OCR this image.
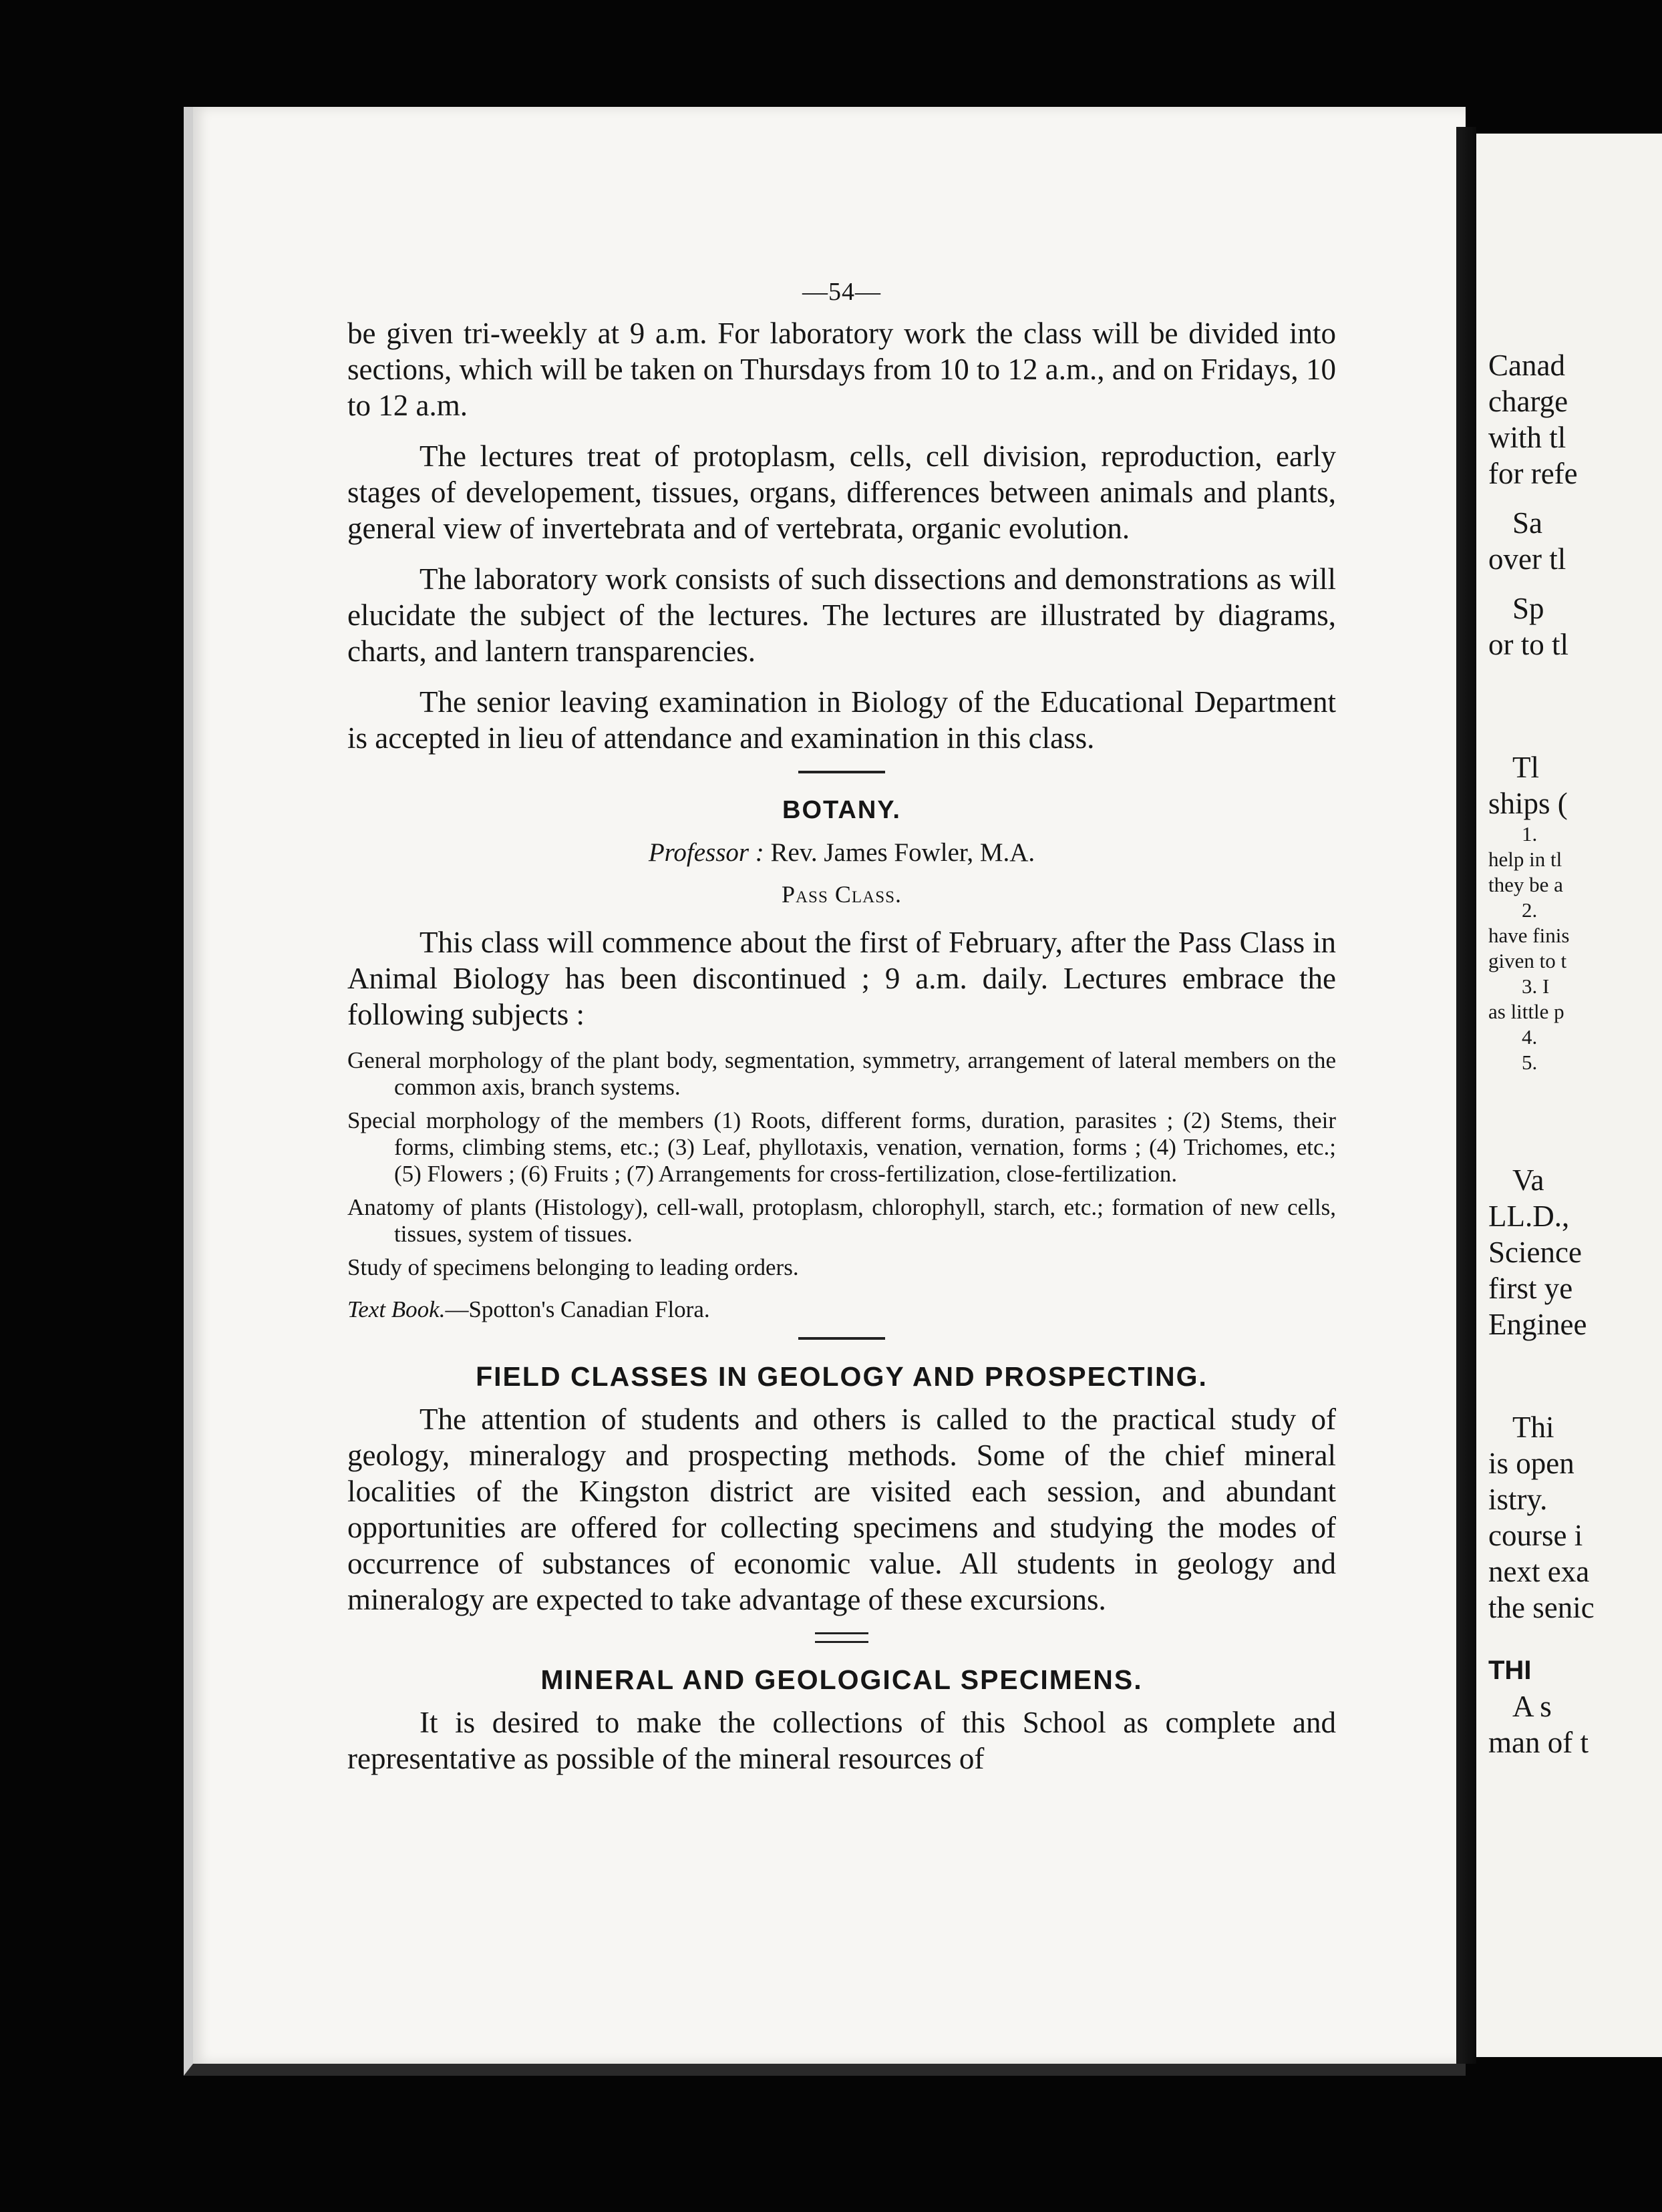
—54—

be given tri-weekly at 9 a.m. For laboratory work the class will be divided into sections, which will be taken on Thursdays from 10 to 12 a.m., and on Fridays, 10 to 12 a.m.

The lectures treat of protoplasm, cells, cell division, reproduction, early stages of developement, tissues, organs, differences between animals and plants, general view of invertebrata and of vertebrata, organic evolution.

The laboratory work consists of such dissections and demonstrations as will elucidate the subject of the lectures. The lectures are illustrated by diagrams, charts, and lantern transparencies.

The senior leaving examination in Biology of the Educational Department is accepted in lieu of attendance and examination in this class.

BOTANY.
Professor : Rev. James Fowler, M.A.
Pass Class.

This class will commence about the first of February, after the Pass Class in Animal Biology has been discontinued ; 9 a.m. daily. Lectures embrace the following subjects :

General morphology of the plant body, segmentation, symmetry, arrangement of lateral members on the common axis, branch systems.
Special morphology of the members (1) Roots, different forms, duration, parasites ; (2) Stems, their forms, climbing stems, etc.; (3) Leaf, phyllotaxis, venation, vernation, forms ; (4) Trichomes, etc.; (5) Flowers ; (6) Fruits ; (7) Arrangements for cross-fertilization, close-fertilization.
Anatomy of plants (Histology), cell-wall, protoplasm, chlorophyll, starch, etc.; formation of new cells, tissues, system of tissues.
Study of specimens belonging to leading orders.
Text Book.—Spotton's Canadian Flora.
FIELD CLASSES IN GEOLOGY AND PROSPECTING.

The attention of students and others is called to the practical study of geology, mineralogy and prospecting methods. Some of the chief mineral localities of the Kingston district are visited each session, and abundant opportunities are offered for collecting specimens and studying the modes of occurrence of substances of economic value. All students in geology and mineralogy are expected to take advantage of these excursions.

MINERAL AND GEOLOGICAL SPECIMENS.

It is desired to make the collections of this School as complete and representative as possible of the mineral resources of

Canad
charge
with tl
for refe
Sa
over tl
Sp
or to tl
Tl
ships (
1.
help in tl
they be a
2.
have finis
given to t
3. I
as little p
4.
5.
Va
LL.D.,
Science
first ye
Enginee
Thi
is open
istry.
course i
next exa
the senic
THI
A s
man of t
